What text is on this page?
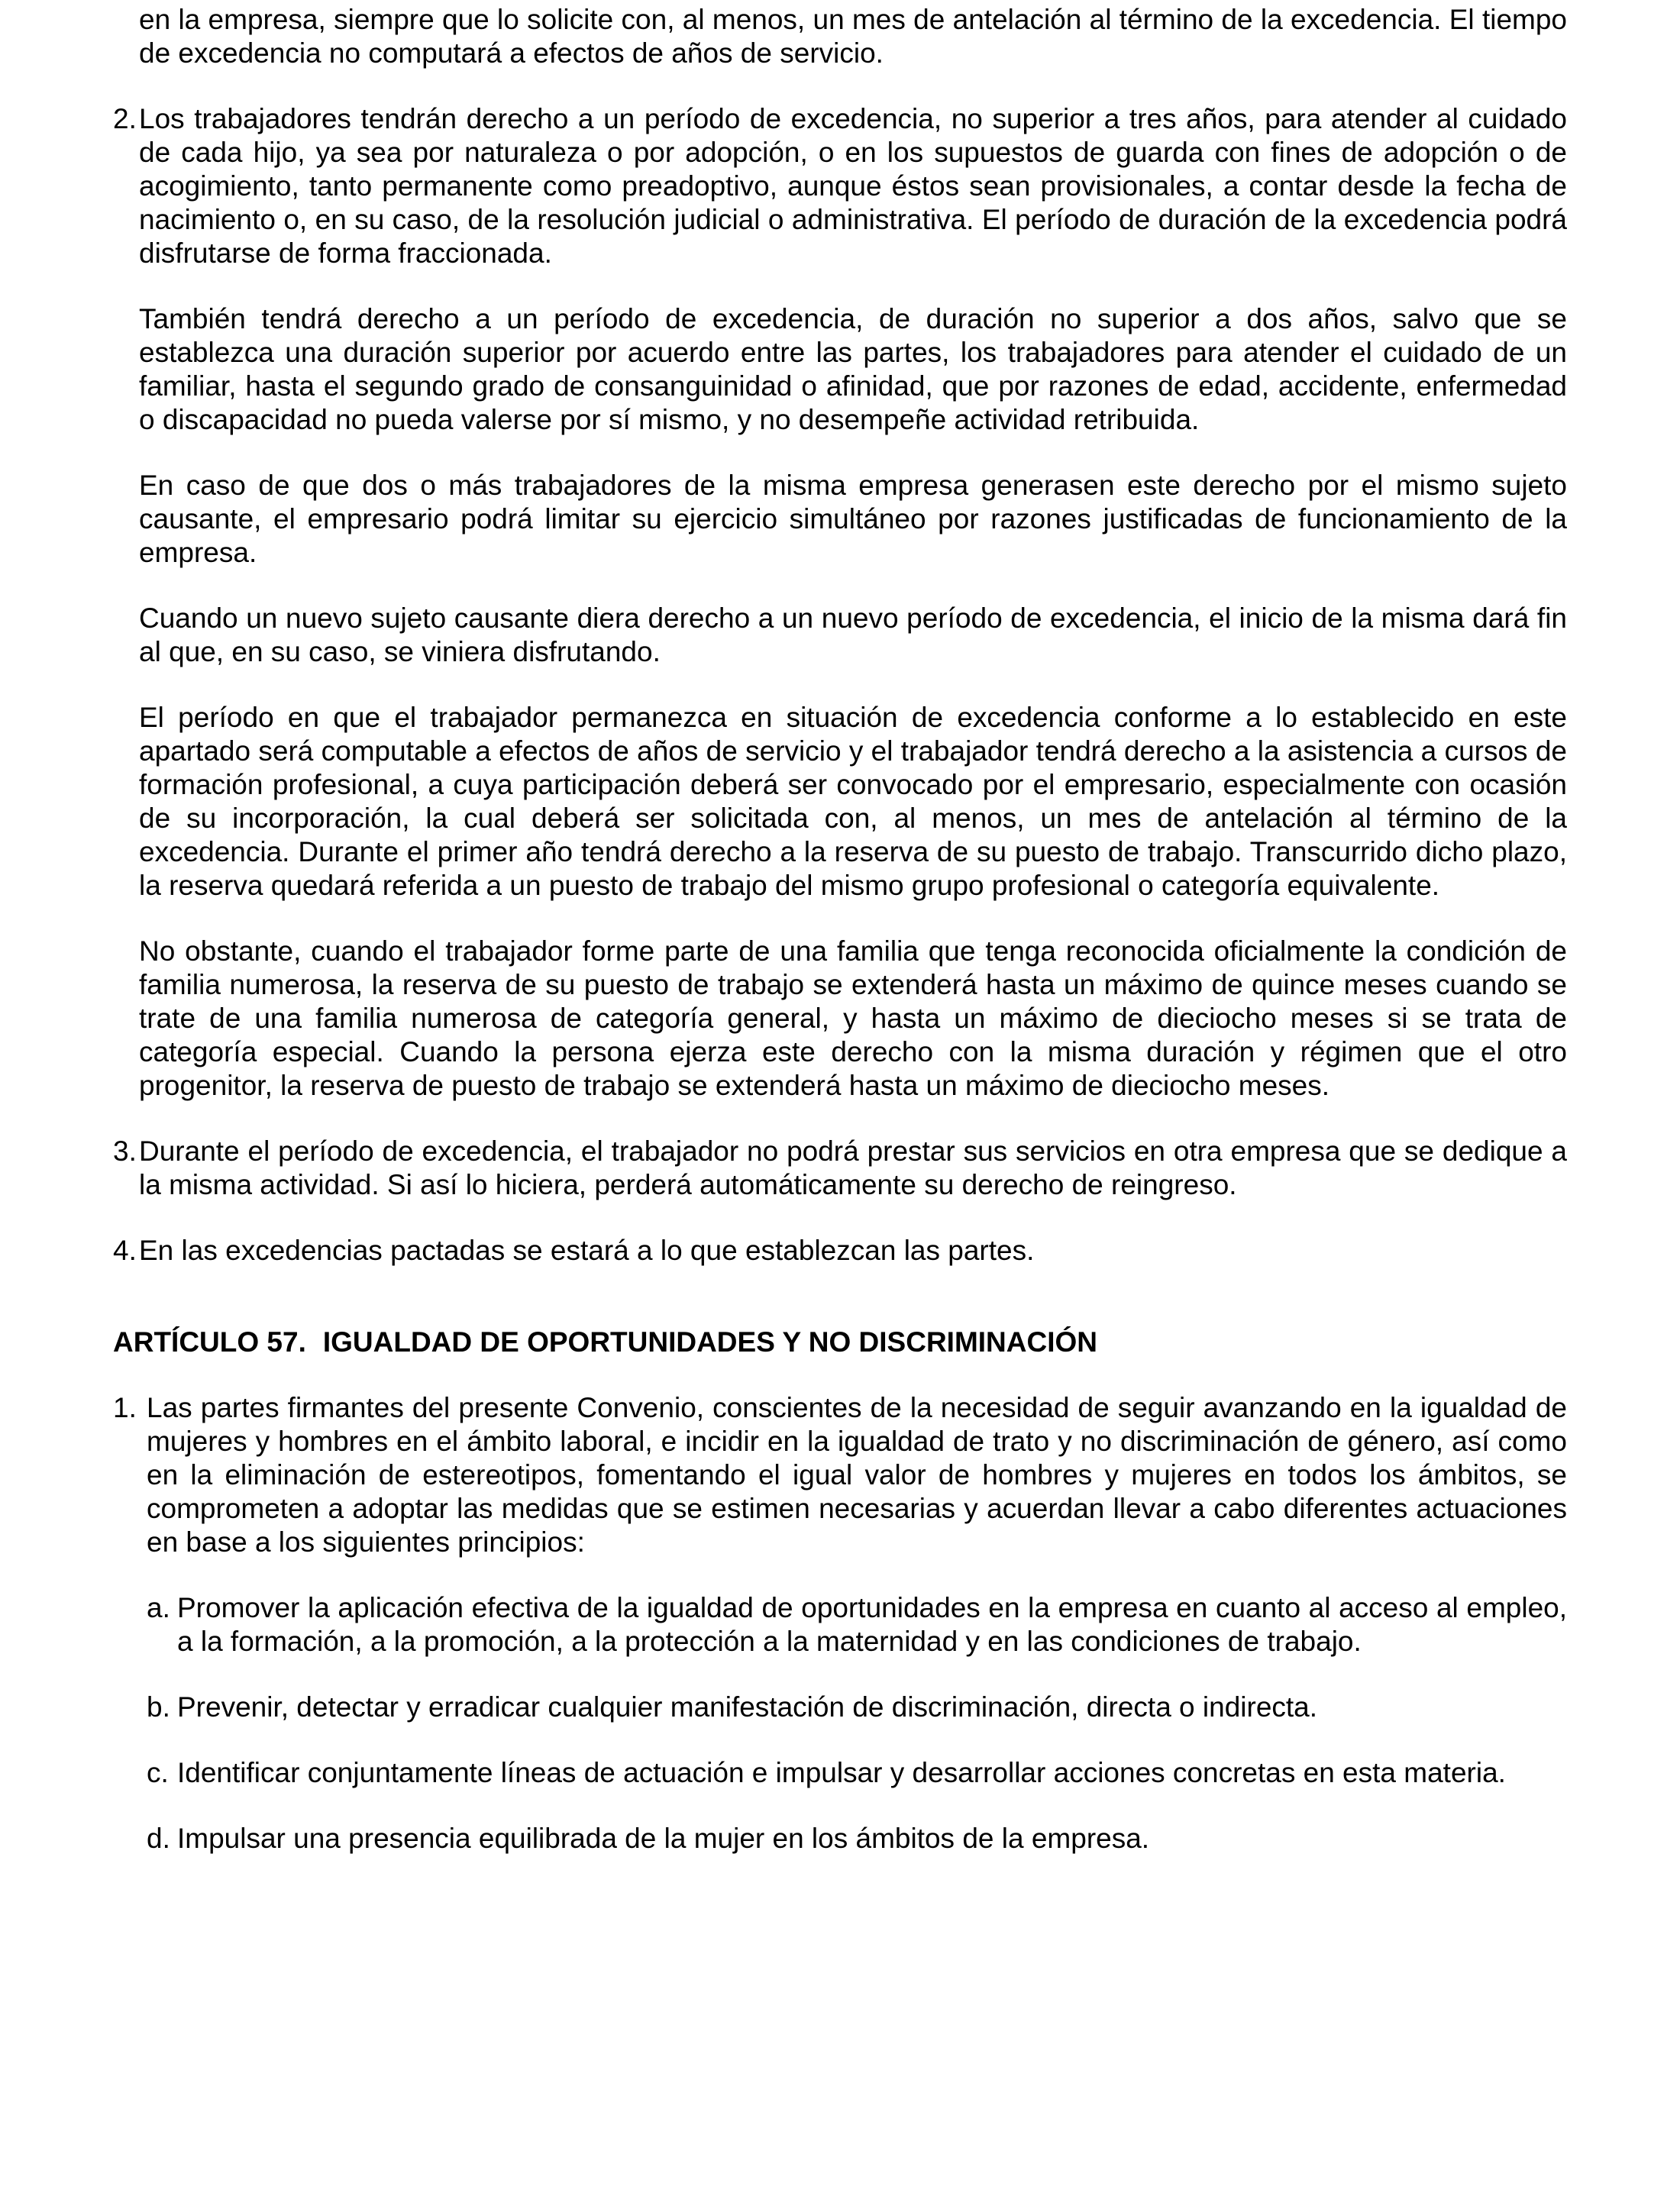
en la empresa, siempre que lo solicite con, al menos, un mes de antelación al término de la excedencia. El tiempo de excedencia no computará a efectos de años de servicio.

2. Los trabajadores tendrán derecho a un período de excedencia, no superior a tres años, para atender al cuidado de cada hijo, ya sea por naturaleza o por adopción, o en los supuestos de guarda con fines de adopción o de acogimiento, tanto permanente como preadoptivo, aunque éstos sean provisionales, a contar desde la fecha de nacimiento o, en su caso, de la resolución judicial o administrativa. El período de duración de la excedencia podrá disfrutarse de forma fraccionada.

También tendrá derecho a un período de excedencia, de duración no superior a dos años, salvo que se establezca una duración superior por acuerdo entre las partes, los trabajadores para atender el cuidado de un familiar, hasta el segundo grado de consanguinidad o afinidad, que por razones de edad, accidente, enfermedad o discapacidad no pueda valerse por sí mismo, y no desempeñe actividad retribuida.

En caso de que dos o más trabajadores de la misma empresa generasen este derecho por el mismo sujeto causante, el empresario podrá limitar su ejercicio simultáneo por razones justificadas de funcionamiento de la empresa.

Cuando un nuevo sujeto causante diera derecho a un nuevo período de excedencia, el inicio de la misma dará fin al que, en su caso, se viniera disfrutando.

El período en que el trabajador permanezca en situación de excedencia conforme a lo establecido en este apartado será computable a efectos de años de servicio y el trabajador tendrá derecho a la asistencia a cursos de formación profesional, a cuya participación deberá ser convocado por el empresario, especialmente con ocasión de su incorporación, la cual deberá ser solicitada con, al menos, un mes de antelación al término de la excedencia. Durante el primer año tendrá derecho a la reserva de su puesto de trabajo. Transcurrido dicho plazo, la reserva quedará referida a un puesto de trabajo del mismo grupo profesional o categoría equivalente.

No obstante, cuando el trabajador forme parte de una familia que tenga reconocida oficialmente la condición de familia numerosa, la reserva de su puesto de trabajo se extenderá hasta un máximo de quince meses cuando se trate de una familia numerosa de categoría general, y hasta un máximo de dieciocho meses si se trata de categoría especial. Cuando la persona ejerza este derecho con la misma duración y régimen que el otro progenitor, la reserva de puesto de trabajo se extenderá hasta un máximo de dieciocho meses.

3. Durante el período de excedencia, el trabajador no podrá prestar sus servicios en otra empresa que se dedique a la misma actividad. Si así lo hiciera, perderá automáticamente su derecho de reingreso.

4. En las excedencias pactadas se estará a lo que establezcan las partes.

ARTÍCULO 57. IGUALDAD DE OPORTUNIDADES Y NO DISCRIMINACIÓN
1. Las partes firmantes del presente Convenio, conscientes de la necesidad de seguir avanzando en la igualdad de mujeres y hombres en el ámbito laboral, e incidir en la igualdad de trato y no discriminación de género, así como en la eliminación de estereotipos, fomentando el igual valor de hombres y mujeres en todos los ámbitos, se comprometen a adoptar las medidas que se estimen necesarias y acuerdan llevar a cabo diferentes actuaciones en base a los siguientes principios:

a. Promover la aplicación efectiva de la igualdad de oportunidades en la empresa en cuanto al acceso al empleo, a la formación, a la promoción, a la protección a la maternidad y en las condiciones de trabajo.

b. Prevenir, detectar y erradicar cualquier manifestación de discriminación, directa o indirecta.

c. Identificar conjuntamente líneas de actuación e impulsar y desarrollar acciones concretas en esta materia.

d. Impulsar una presencia equilibrada de la mujer en los ámbitos de la empresa.
